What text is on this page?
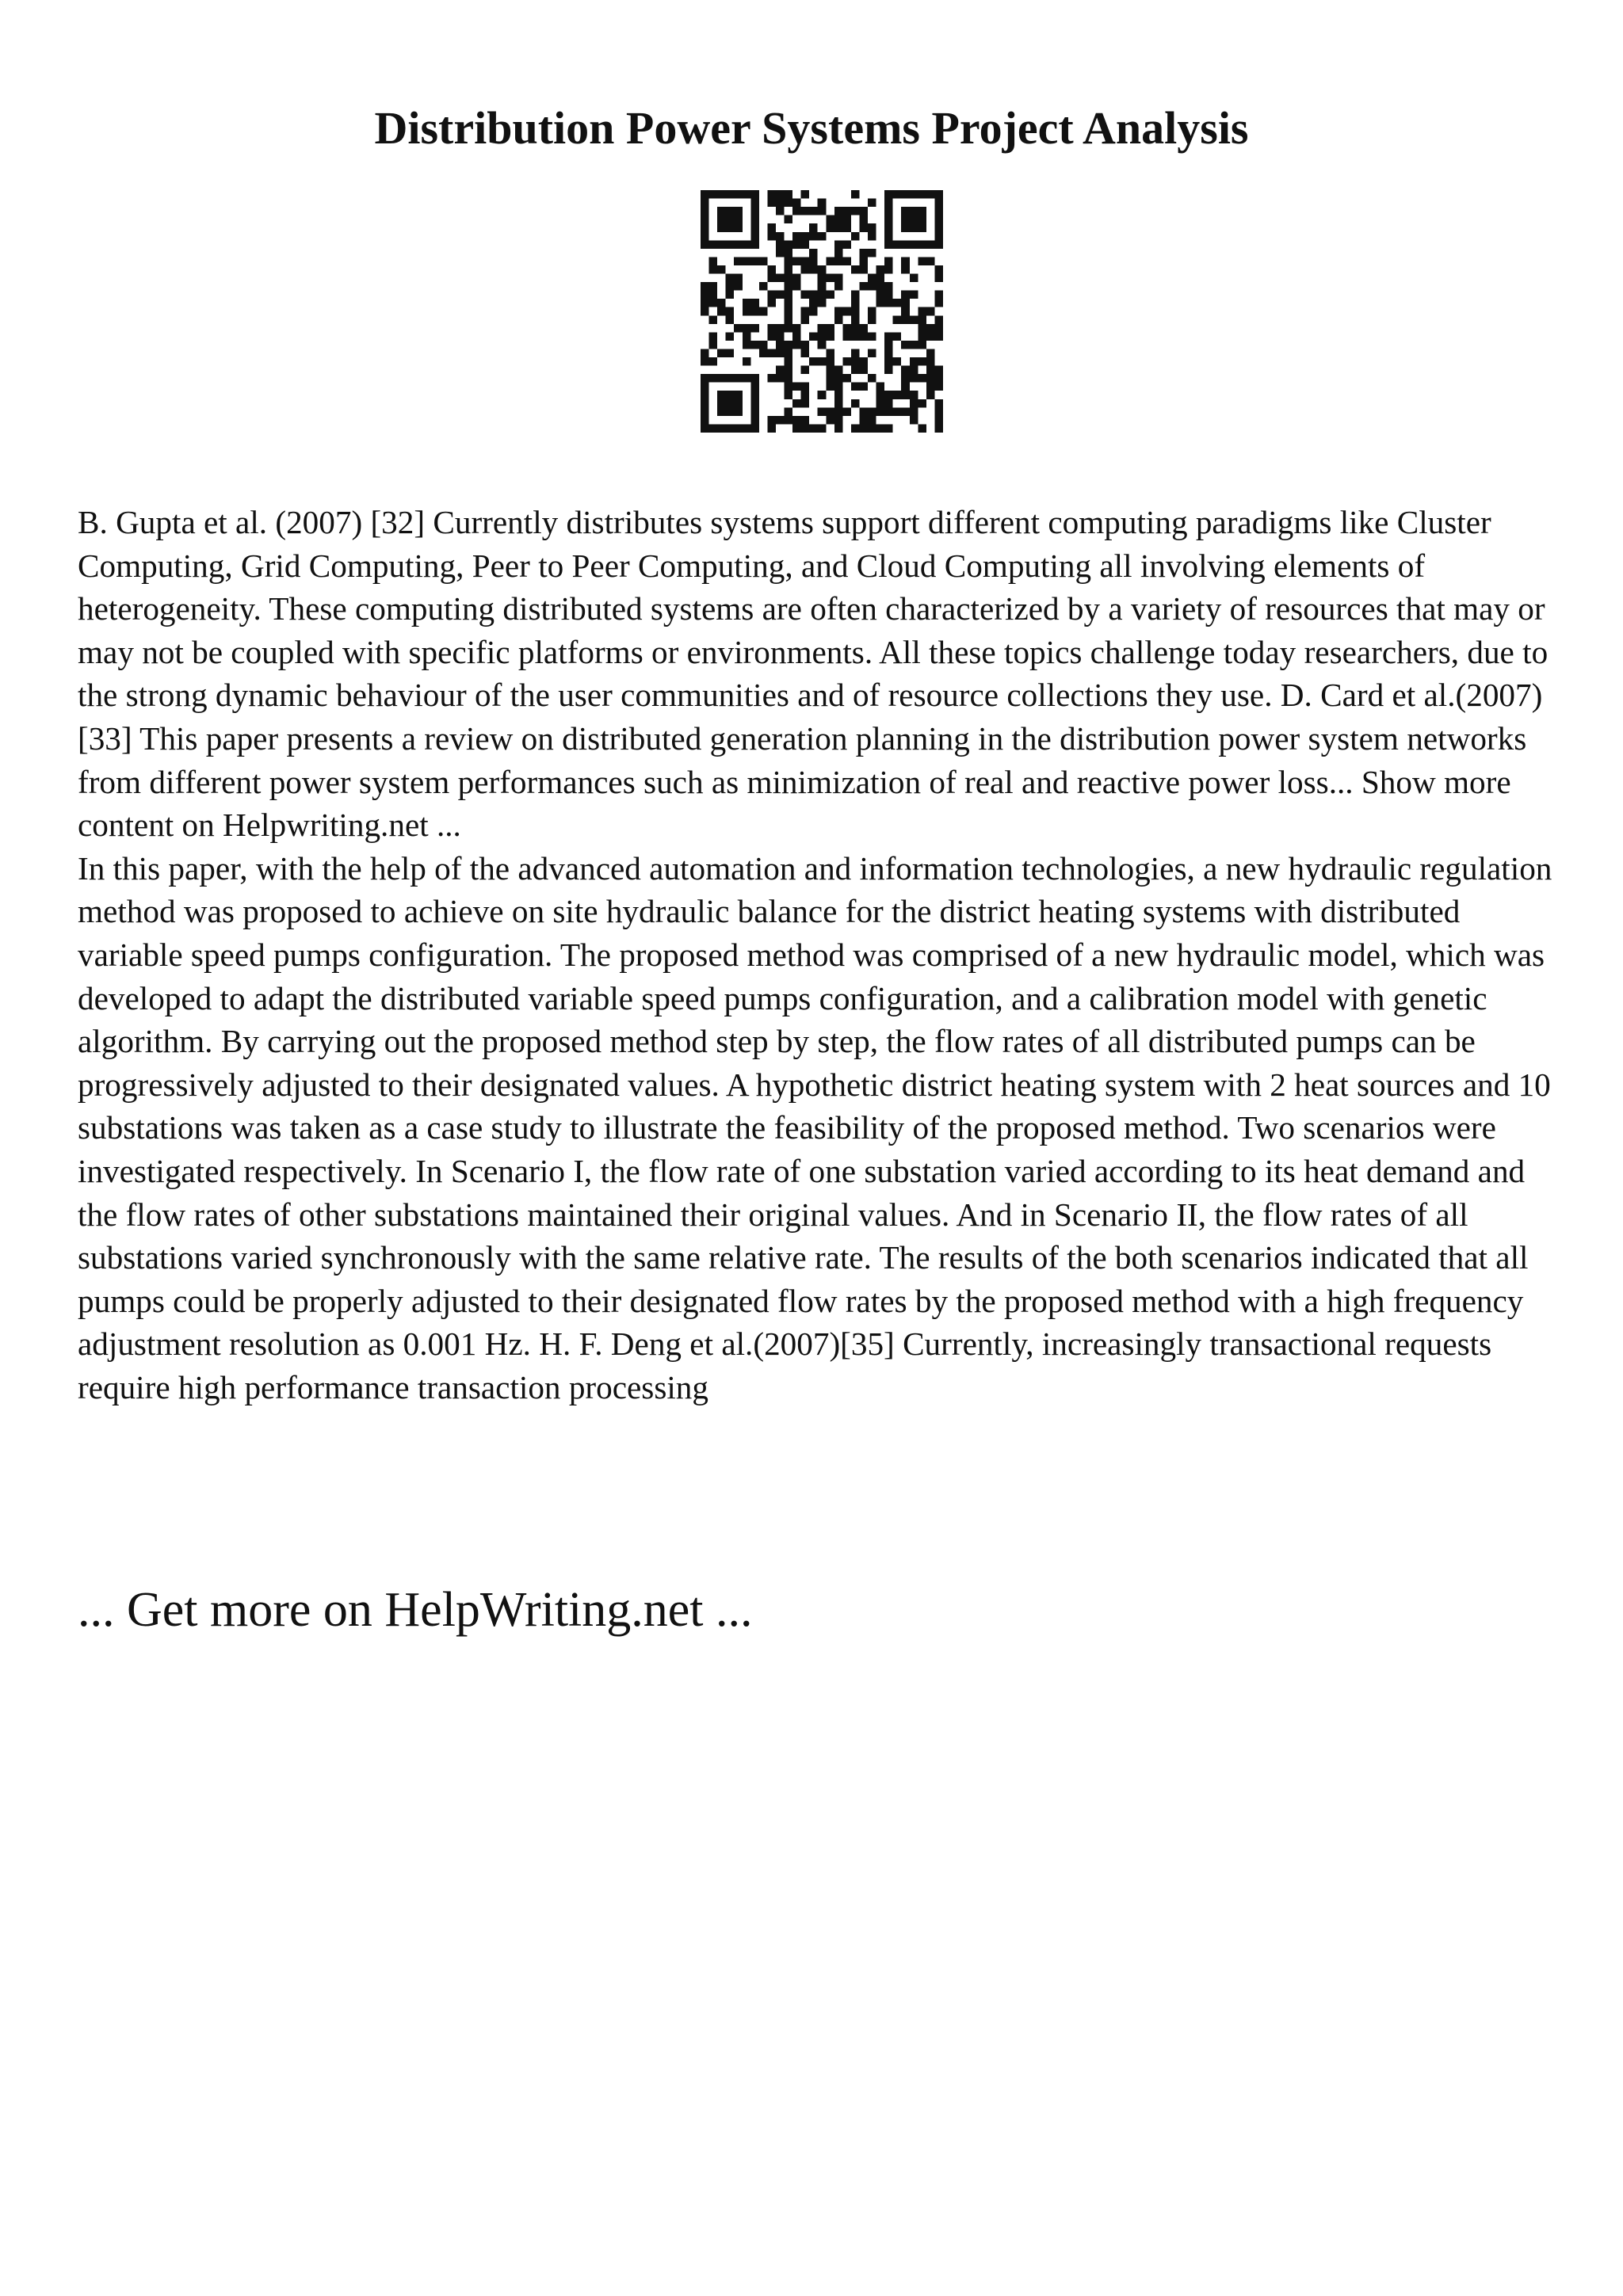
Distribution Power Systems Project Analysis

B. Gupta et al. (2007) [32] Currently distributes systems support different computing paradigms like Cluster Computing, Grid Computing, Peer to Peer Computing, and Cloud Computing all involving elements of heterogeneity. These computing distributed systems are often characterized by a variety of resources that may or may not be coupled with specific platforms or environments. All these topics challenge today researchers, due to the strong dynamic behaviour of the user communities and of resource collections they use. D. Card et al.(2007)[33] This paper presents a review on distributed generation planning in the distribution power system networks from different power system performances such as minimization of real and reactive power loss... Show more content on Helpwriting.net ...

In this paper, with the help of the advanced automation and information technologies, a new hydraulic regulation method was proposed to achieve on site hydraulic balance for the district heating systems with distributed variable speed pumps configuration. The proposed method was comprised of a new hydraulic model, which was developed to adapt the distributed variable speed pumps configuration, and a calibration model with genetic algorithm. By carrying out the proposed method step by step, the flow rates of all distributed pumps can be progressively adjusted to their designated values. A hypothetic district heating system with 2 heat sources and 10 substations was taken as a case study to illustrate the feasibility of the proposed method. Two scenarios were investigated respectively. In Scenario I, the flow rate of one substation varied according to its heat demand and the flow rates of other substations maintained their original values. And in Scenario II, the flow rates of all substations varied synchronously with the same relative rate. The results of the both scenarios indicated that all pumps could be properly adjusted to their designated flow rates by the proposed method with a high frequency adjustment resolution as 0.001 Hz. H. F. Deng et al.(2007)[35] Currently, increasingly transactional requests require high performance transaction processing

... Get more on HelpWriting.net ...
